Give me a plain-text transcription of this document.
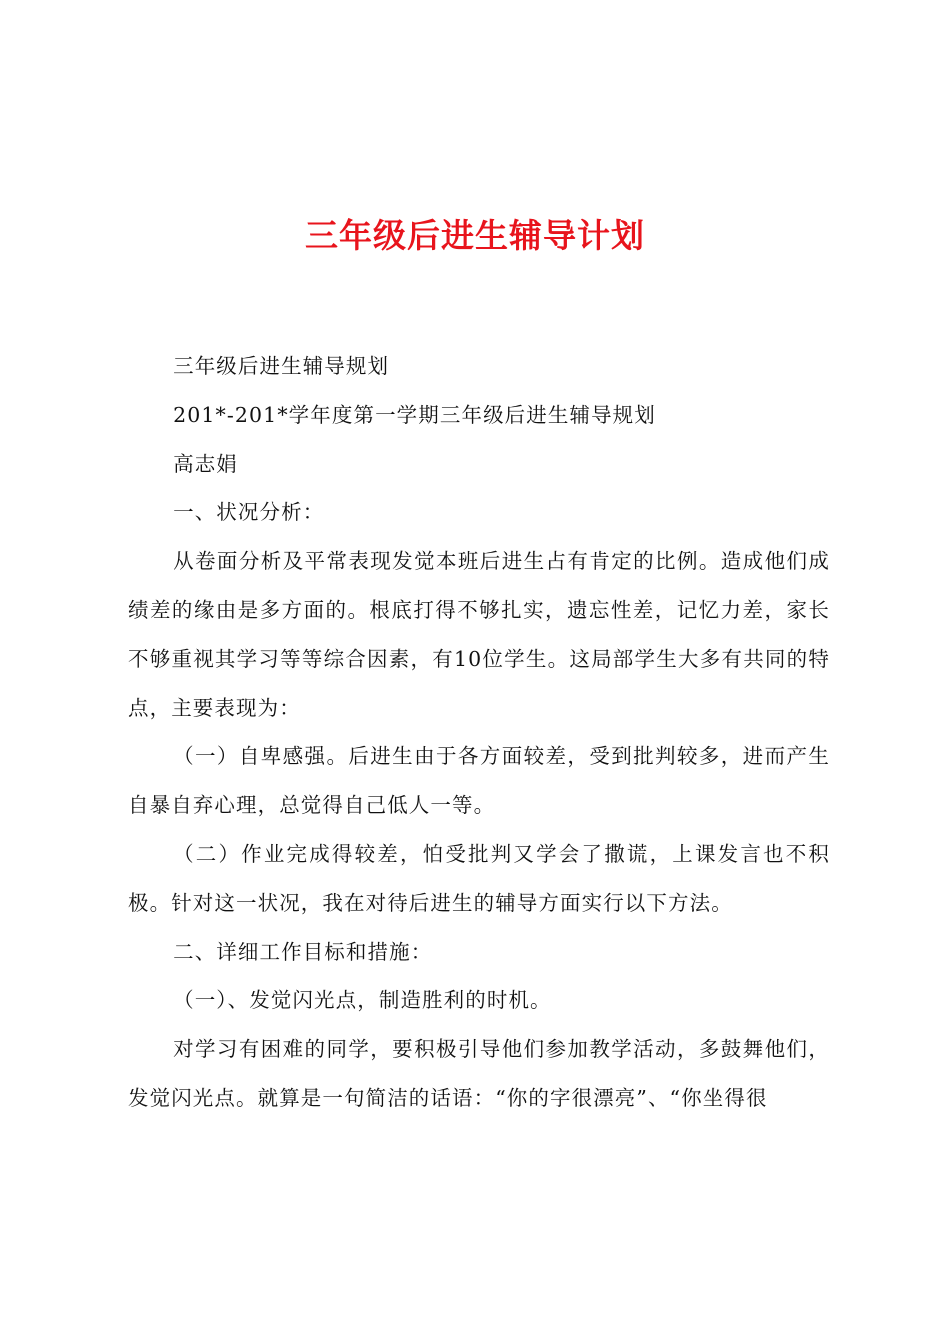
三年级后进生辅导计划

三年级后进生辅导规划

201*-201*学年度第一学期三年级后进生辅导规划

高志娟

一、状况分析：

从卷面分析及平常表现发觉本班后进生占有肯定的比例。造成他们成绩差的缘由是多方面的。根底打得不够扎实，遗忘性差，记忆力差，家长不够重视其学习等等综合因素，有10位学生。这局部学生大多有共同的特点，主要表现为：

（一）自卑感强。后进生由于各方面较差，受到批判较多，进而产生自暴自弃心理，总觉得自己低人一等。

（二）作业完成得较差，怕受批判又学会了撒谎，上课发言也不积极。针对这一状况，我在对待后进生的辅导方面实行以下方法。

二、详细工作目标和措施：

（一）、发觉闪光点，制造胜利的时机。

对学习有困难的同学，要积极引导他们参加教学活动，多鼓舞他们，发觉闪光点。就算是一句简洁的话语：“你的字很漂亮”、“你坐得很
